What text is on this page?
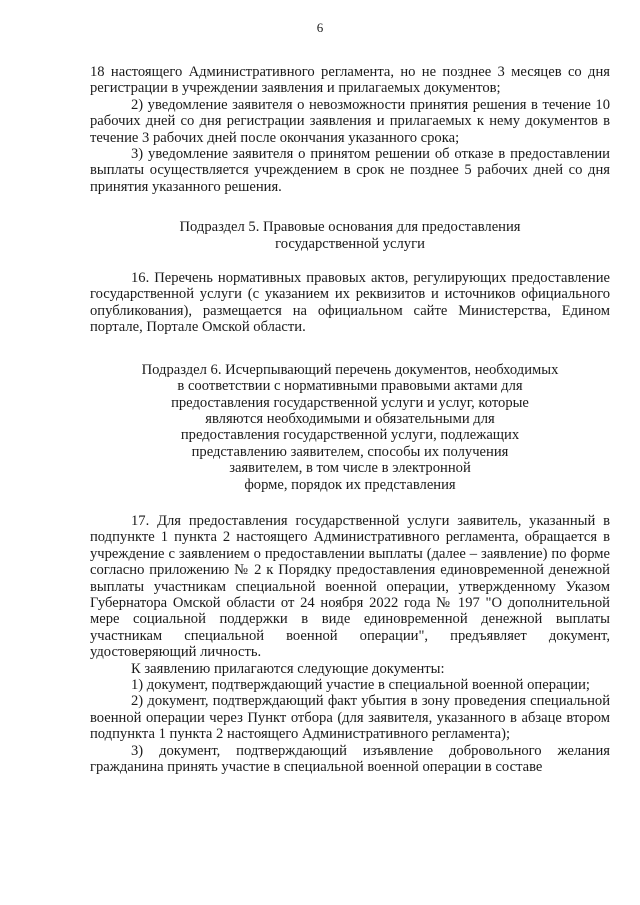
6

18 настоящего Административного регламента, но не позднее 3 месяцев со дня регистрации в учреждении заявления и прилагаемых документов;

2) уведомление заявителя о невозможности принятия решения в течение 10 рабочих дней со дня регистрации заявления и прилагаемых к нему документов в течение 3 рабочих дней после окончания указанного срока;

3) уведомление заявителя о принятом решении об отказе в предоставлении выплаты осуществляется учреждением в срок не позднее 5 рабочих дней со дня принятия указанного решения.

Подраздел 5. Правовые основания для предоставления
государственной услуги

16. Перечень нормативных правовых актов, регулирующих предоставление государственной услуги (с указанием их реквизитов и источников официального опубликования), размещается на официальном сайте Министерства, Едином портале, Портале Омской области.

Подраздел 6. Исчерпывающий перечень документов, необходимых
в соответствии с нормативными правовыми актами для
предоставления государственной услуги и услуг, которые
являются необходимыми и обязательными для
предоставления государственной услуги, подлежащих
представлению заявителем, способы их получения
заявителем, в том числе в электронной
форме, порядок их представления

17. Для предоставления государственной услуги заявитель, указанный в подпункте 1 пункта 2 настоящего Административного регламента, обращается в учреждение с заявлением о предоставлении выплаты (далее – заявление) по форме согласно приложению № 2 к Порядку предоставления единовременной денежной выплаты участникам специальной военной операции, утвержденному Указом Губернатора Омской области от 24 ноября 2022 года № 197 "О дополнительной мере социальной поддержки в виде единовременной денежной выплаты участникам специальной военной операции", предъявляет документ, удостоверяющий личность.

К заявлению прилагаются следующие документы:

1) документ, подтверждающий участие в специальной военной операции;

2) документ, подтверждающий факт убытия в зону проведения специальной военной операции через Пункт отбора (для заявителя, указанного в абзаце втором подпункта 1 пункта 2 настоящего Административного регламента);

3) документ, подтверждающий изъявление добровольного желания гражданина принять участие в специальной военной операции в составе
